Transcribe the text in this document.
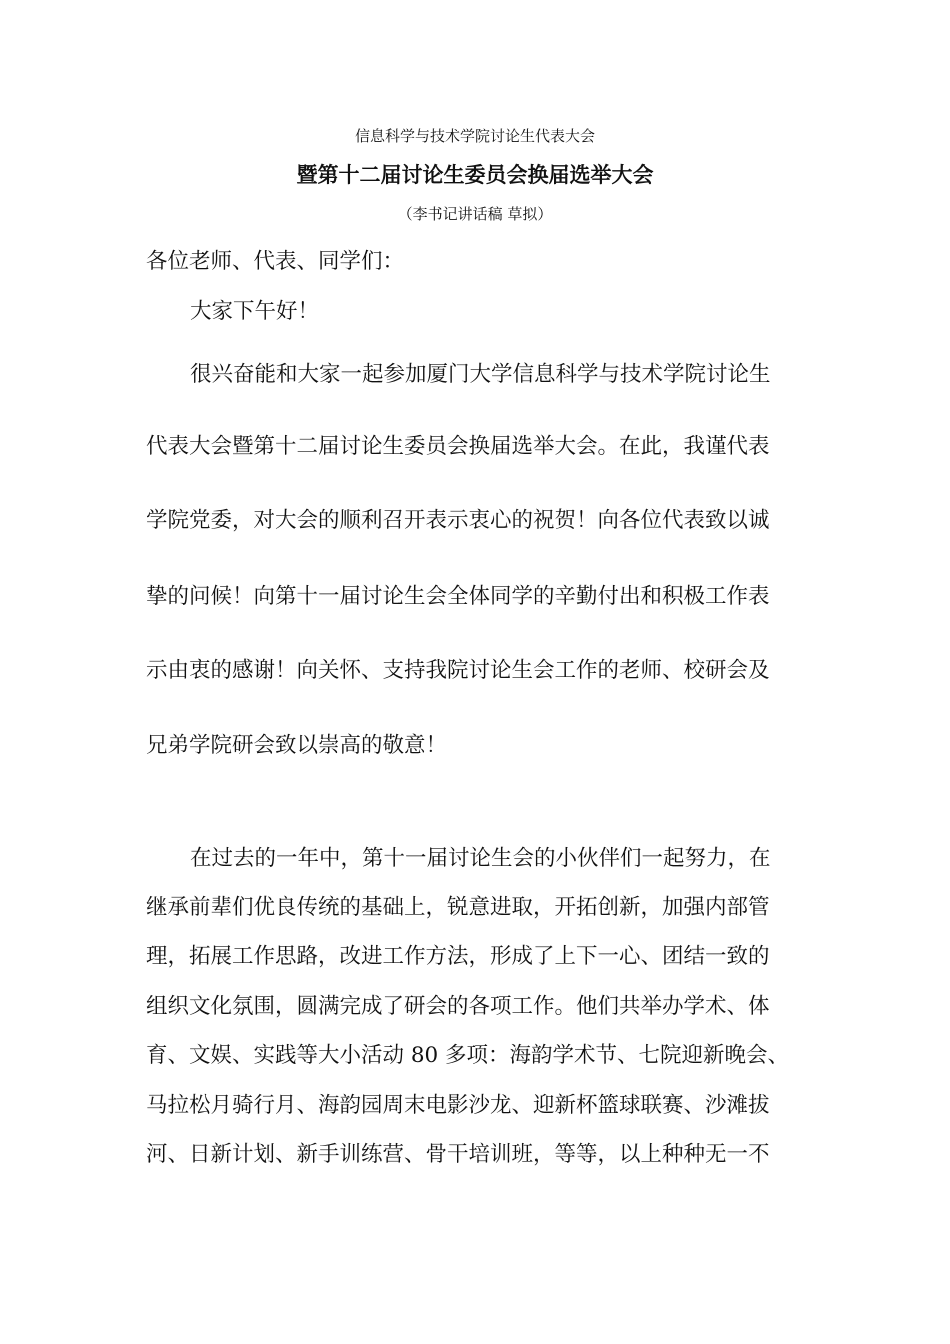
信息科学与技术学院讨论生代表大会
暨第十二届讨论生委员会换届选举大会
（李书记讲话稿 草拟）
各位老师、代表、同学们：
大家下午好！
很兴奋能和大家一起参加厦门大学信息科学与技术学院讨论生
代表大会暨第十二届讨论生委员会换届选举大会。在此，我谨代表
学院党委，对大会的顺利召开表示衷心的祝贺！向各位代表致以诚
挚的问候！向第十一届讨论生会全体同学的辛勤付出和积极工作表
示由衷的感谢！向关怀、支持我院讨论生会工作的老师、校研会及
兄弟学院研会致以崇高的敬意！
在过去的一年中，第十一届讨论生会的小伙伴们一起努力，在
继承前辈们优良传统的基础上，锐意进取，开拓创新，加强内部管
理，拓展工作思路，改进工作方法，形成了上下一心、团结一致的
组织文化氛围，圆满完成了研会的各项工作。他们共举办学术、体
育、文娱、实践等大小活动 80 多项：海韵学术节、七院迎新晚会、
马拉松月骑行月、海韵园周末电影沙龙、迎新杯篮球联赛、沙滩拔
河、日新计划、新手训练营、骨干培训班，等等，以上种种无一不
